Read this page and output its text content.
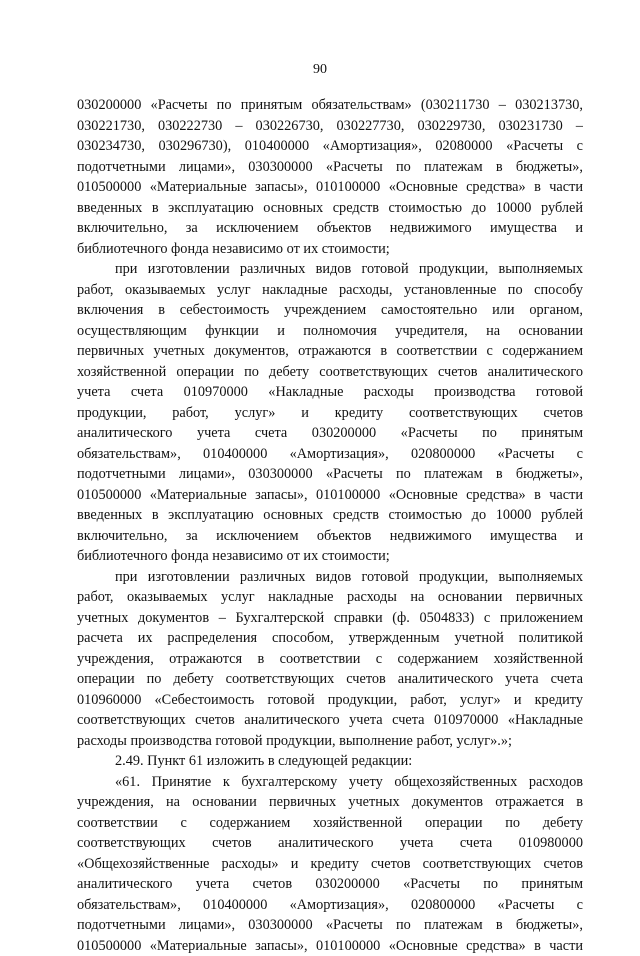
90
030200000 «Расчеты по принятым обязательствам» (030211730 – 030213730,
030221730, 030222730 – 030226730, 030227730, 030229730, 030231730 –
030234730, 030296730), 010400000 «Амортизация», 02080000 «Расчеты с
подотчетными лицами», 030300000 «Расчеты по платежам в бюджеты»,
010500000 «Материальные запасы», 010100000 «Основные средства» в части
введенных в эксплуатацию основных средств стоимостью до 10000 рублей
включительно, за исключением объектов недвижимого имущества и
библиотечного фонда независимо от их стоимости;
при изготовлении различных видов готовой продукции, выполняемых
работ, оказываемых услуг накладные расходы, установленные по способу
включения в себестоимость учреждением самостоятельно или органом,
осуществляющим функции и полномочия учредителя, на основании
первичных учетных документов, отражаются в соответствии с содержанием
хозяйственной операции по дебету соответствующих счетов аналитического
учета счета 010970000 «Накладные расходы производства готовой
продукции, работ, услуг» и кредиту соответствующих счетов
аналитического учета счета 030200000 «Расчеты по принятым
обязательствам», 010400000 «Амортизация», 020800000 «Расчеты с
подотчетными лицами», 030300000 «Расчеты по платежам в бюджеты»,
010500000 «Материальные запасы», 010100000 «Основные средства» в части
введенных в эксплуатацию основных средств стоимостью до 10000 рублей
включительно, за исключением объектов недвижимого имущества и
библиотечного фонда независимо от их стоимости;
при изготовлении различных видов готовой продукции, выполняемых
работ, оказываемых услуг накладные расходы на основании первичных
учетных документов – Бухгалтерской справки (ф. 0504833) с приложением
расчета их распределения способом, утвержденным учетной политикой
учреждения, отражаются в соответствии с содержанием хозяйственной
операции по дебету соответствующих счетов аналитического учета счета
010960000 «Себестоимость готовой продукции, работ, услуг» и кредиту
соответствующих счетов аналитического учета счета 010970000 «Накладные
расходы производства готовой продукции, выполнение работ, услуг».»;
2.49. Пункт 61 изложить в следующей редакции:
«61. Принятие к бухгалтерскому учету общехозяйственных расходов
учреждения, на основании первичных учетных документов отражается в
соответствии с содержанием хозяйственной операции по дебету
соответствующих счетов аналитического учета счета 010980000
«Общехозяйственные расходы» и кредиту счетов соответствующих счетов
аналитического учета счетов 030200000 «Расчеты по принятым
обязательствам», 010400000 «Амортизация», 020800000 «Расчеты с
подотчетными лицами», 030300000 «Расчеты по платежам в бюджеты»,
010500000 «Материальные запасы», 010100000 «Основные средства» в части
